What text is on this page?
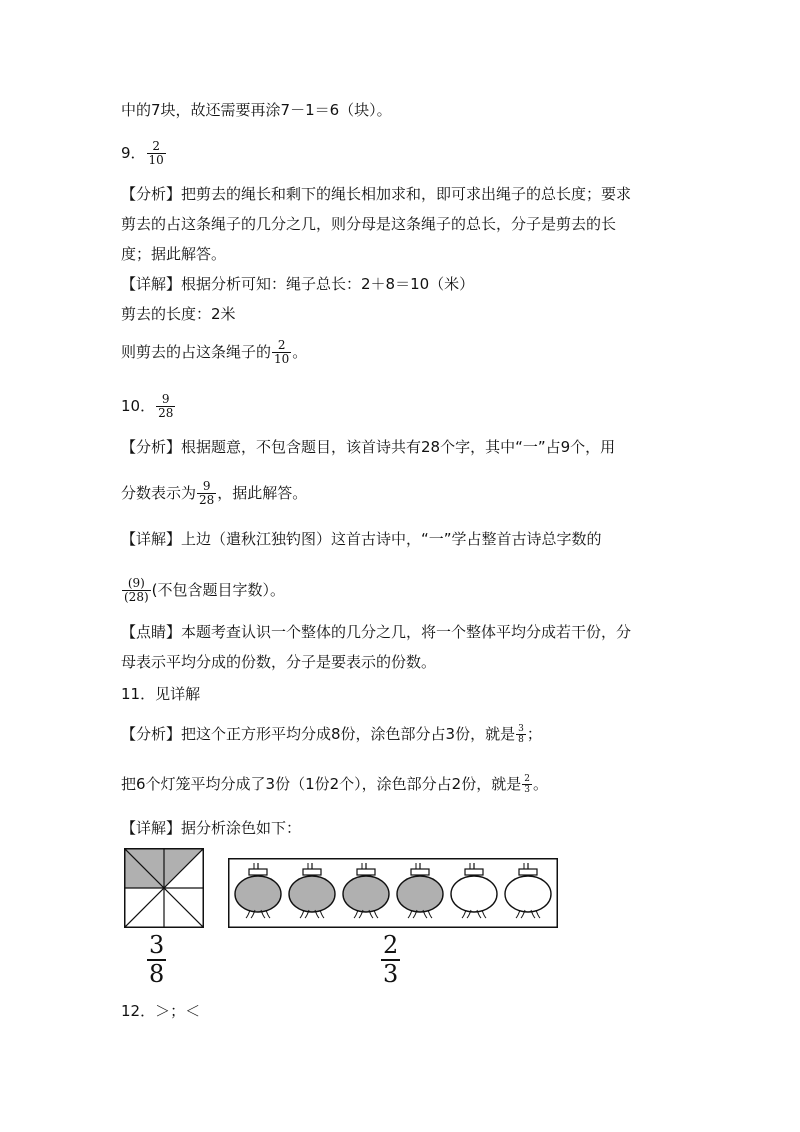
中的7块，故还需要再涂7－1＝6（块）。
9． $\frac{2}{10}$
【分析】把剪去的绳长和剩下的绳长相加求和，即可求出绳子的总长度；要求
剪去的占这条绳子的几分之几，则分母是这条绳子的总长，分子是剪去的长
度；据此解答。
【详解】根据分析可知：绳子总长：2＋8＝10（米）
剪去的长度：2米
则剪去的占这条绳子的 $\frac{2}{10}$ 。
10． $\frac{9}{28}$
【分析】根据题意，不包含题目，该首诗共有28个字，其中“一”占9个，用
分数表示为 $\frac{9}{28}$ ，据此解答。
【详解】上边（遣秋江独钓图）这首古诗中，“一”学占整首古诗总字数的
$\frac{(9)}{(28)}$ (不包含题目字数）。
【点睛】本题考查认识一个整体的几分之几，将一个整体平均分成若干份，分
母表示平均分成的份数，分子是要表示的份数。
11．见详解
【分析】把这个正方形平均分成8份，涂色部分占3份，就是 $\frac{3}{8}$ ；
把6个灯笼平均分成了3份（1份2个），涂色部分占2份，就是 $\frac{2}{3}$ 。
【详解】据分析涂色如下：
$\frac{3}{8}$	$\frac{2}{3}$
12．＞；＜
